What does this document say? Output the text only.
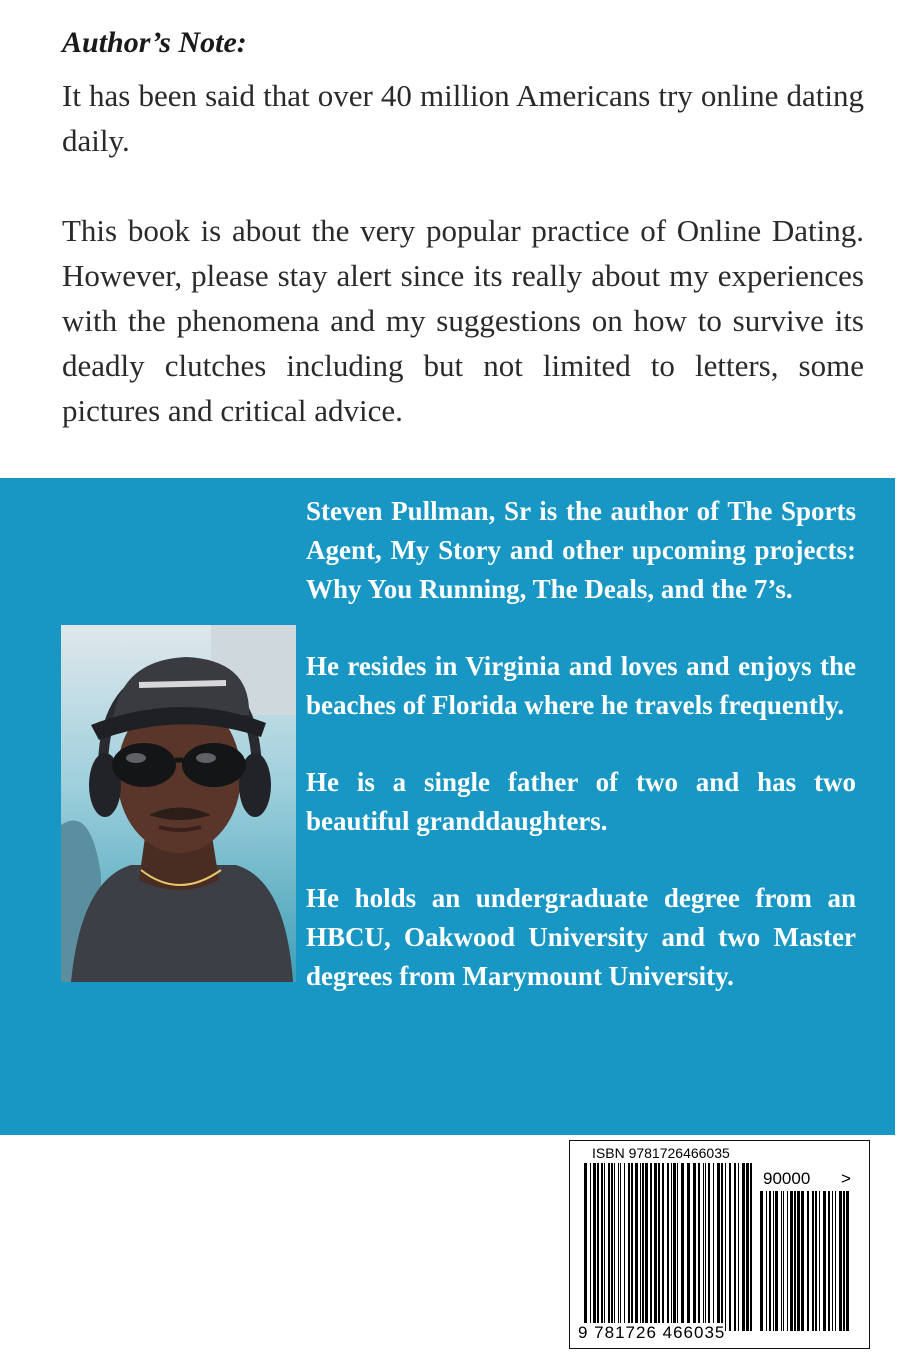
Author’s Note:
It has been said that over 40 million Americans try online dating daily.
This book is about the very popular practice of Online Dating. However, please stay alert since its really about my experiences with the phenomena and my suggestions on how to survive its deadly clutches including but not limited to letters, some pictures and critical advice.

Steven Pullman, Sr is the author of The Sports Agent, My Story and other upcoming projects: Why You Running, The Deals, and the 7’s.

He resides in Virginia and loves and enjoys the beaches of Florida where he travels frequently.

He is a single father of two and has two beautiful granddaughters.

He holds an undergraduate degree from an HBCU, Oakwood University and two Master degrees from Marymount University.

ISBN 9781726466035
90000 >
9 781726 466035
